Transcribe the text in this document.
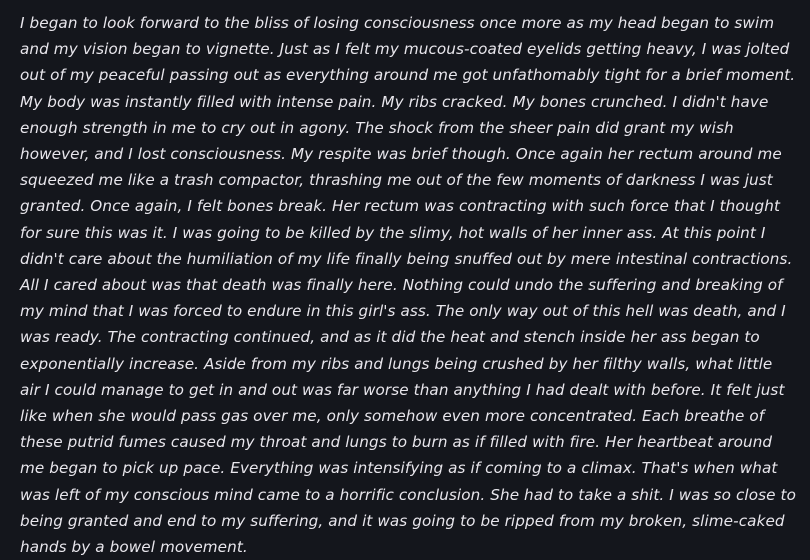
I began to look forward to the bliss of losing consciousness once more as my head began to swim and my vision began to vignette. Just as I felt my mucous-coated eyelids getting heavy, I was jolted out of my peaceful passing out as everything around me got unfathomably tight for a brief moment. My body was instantly filled with intense pain. My ribs cracked. My bones crunched. I didn't have enough strength in me to cry out in agony. The shock from the sheer pain did grant my wish however, and I lost consciousness. My respite was brief though. Once again her rectum around me squeezed me like a trash compactor, thrashing me out of the few moments of darkness I was just granted. Once again, I felt bones break. Her rectum was contracting with such force that I thought for sure this was it. I was going to be killed by the slimy, hot walls of her inner ass. At this point I didn't care about the humiliation of my life finally being snuffed out by mere intestinal contractions. All I cared about was that death was finally here. Nothing could undo the suffering and breaking of my mind that I was forced to endure in this girl's ass. The only way out of this hell was death, and I was ready. The contracting continued, and as it did the heat and stench inside her ass began to exponentially increase. Aside from my ribs and lungs being crushed by her filthy walls, what little air I could manage to get in and out was far worse than anything I had dealt with before. It felt just like when she would pass gas over me, only somehow even more concentrated. Each breathe of these putrid fumes caused my throat and lungs to burn as if filled with fire. Her heartbeat around me began to pick up pace. Everything was intensifying as if coming to a climax. That's when what was left of my conscious mind came to a horrific conclusion. She had to take a shit. I was so close to being granted and end to my suffering, and it was going to be ripped from my broken, slime-caked hands by a bowel movement.
